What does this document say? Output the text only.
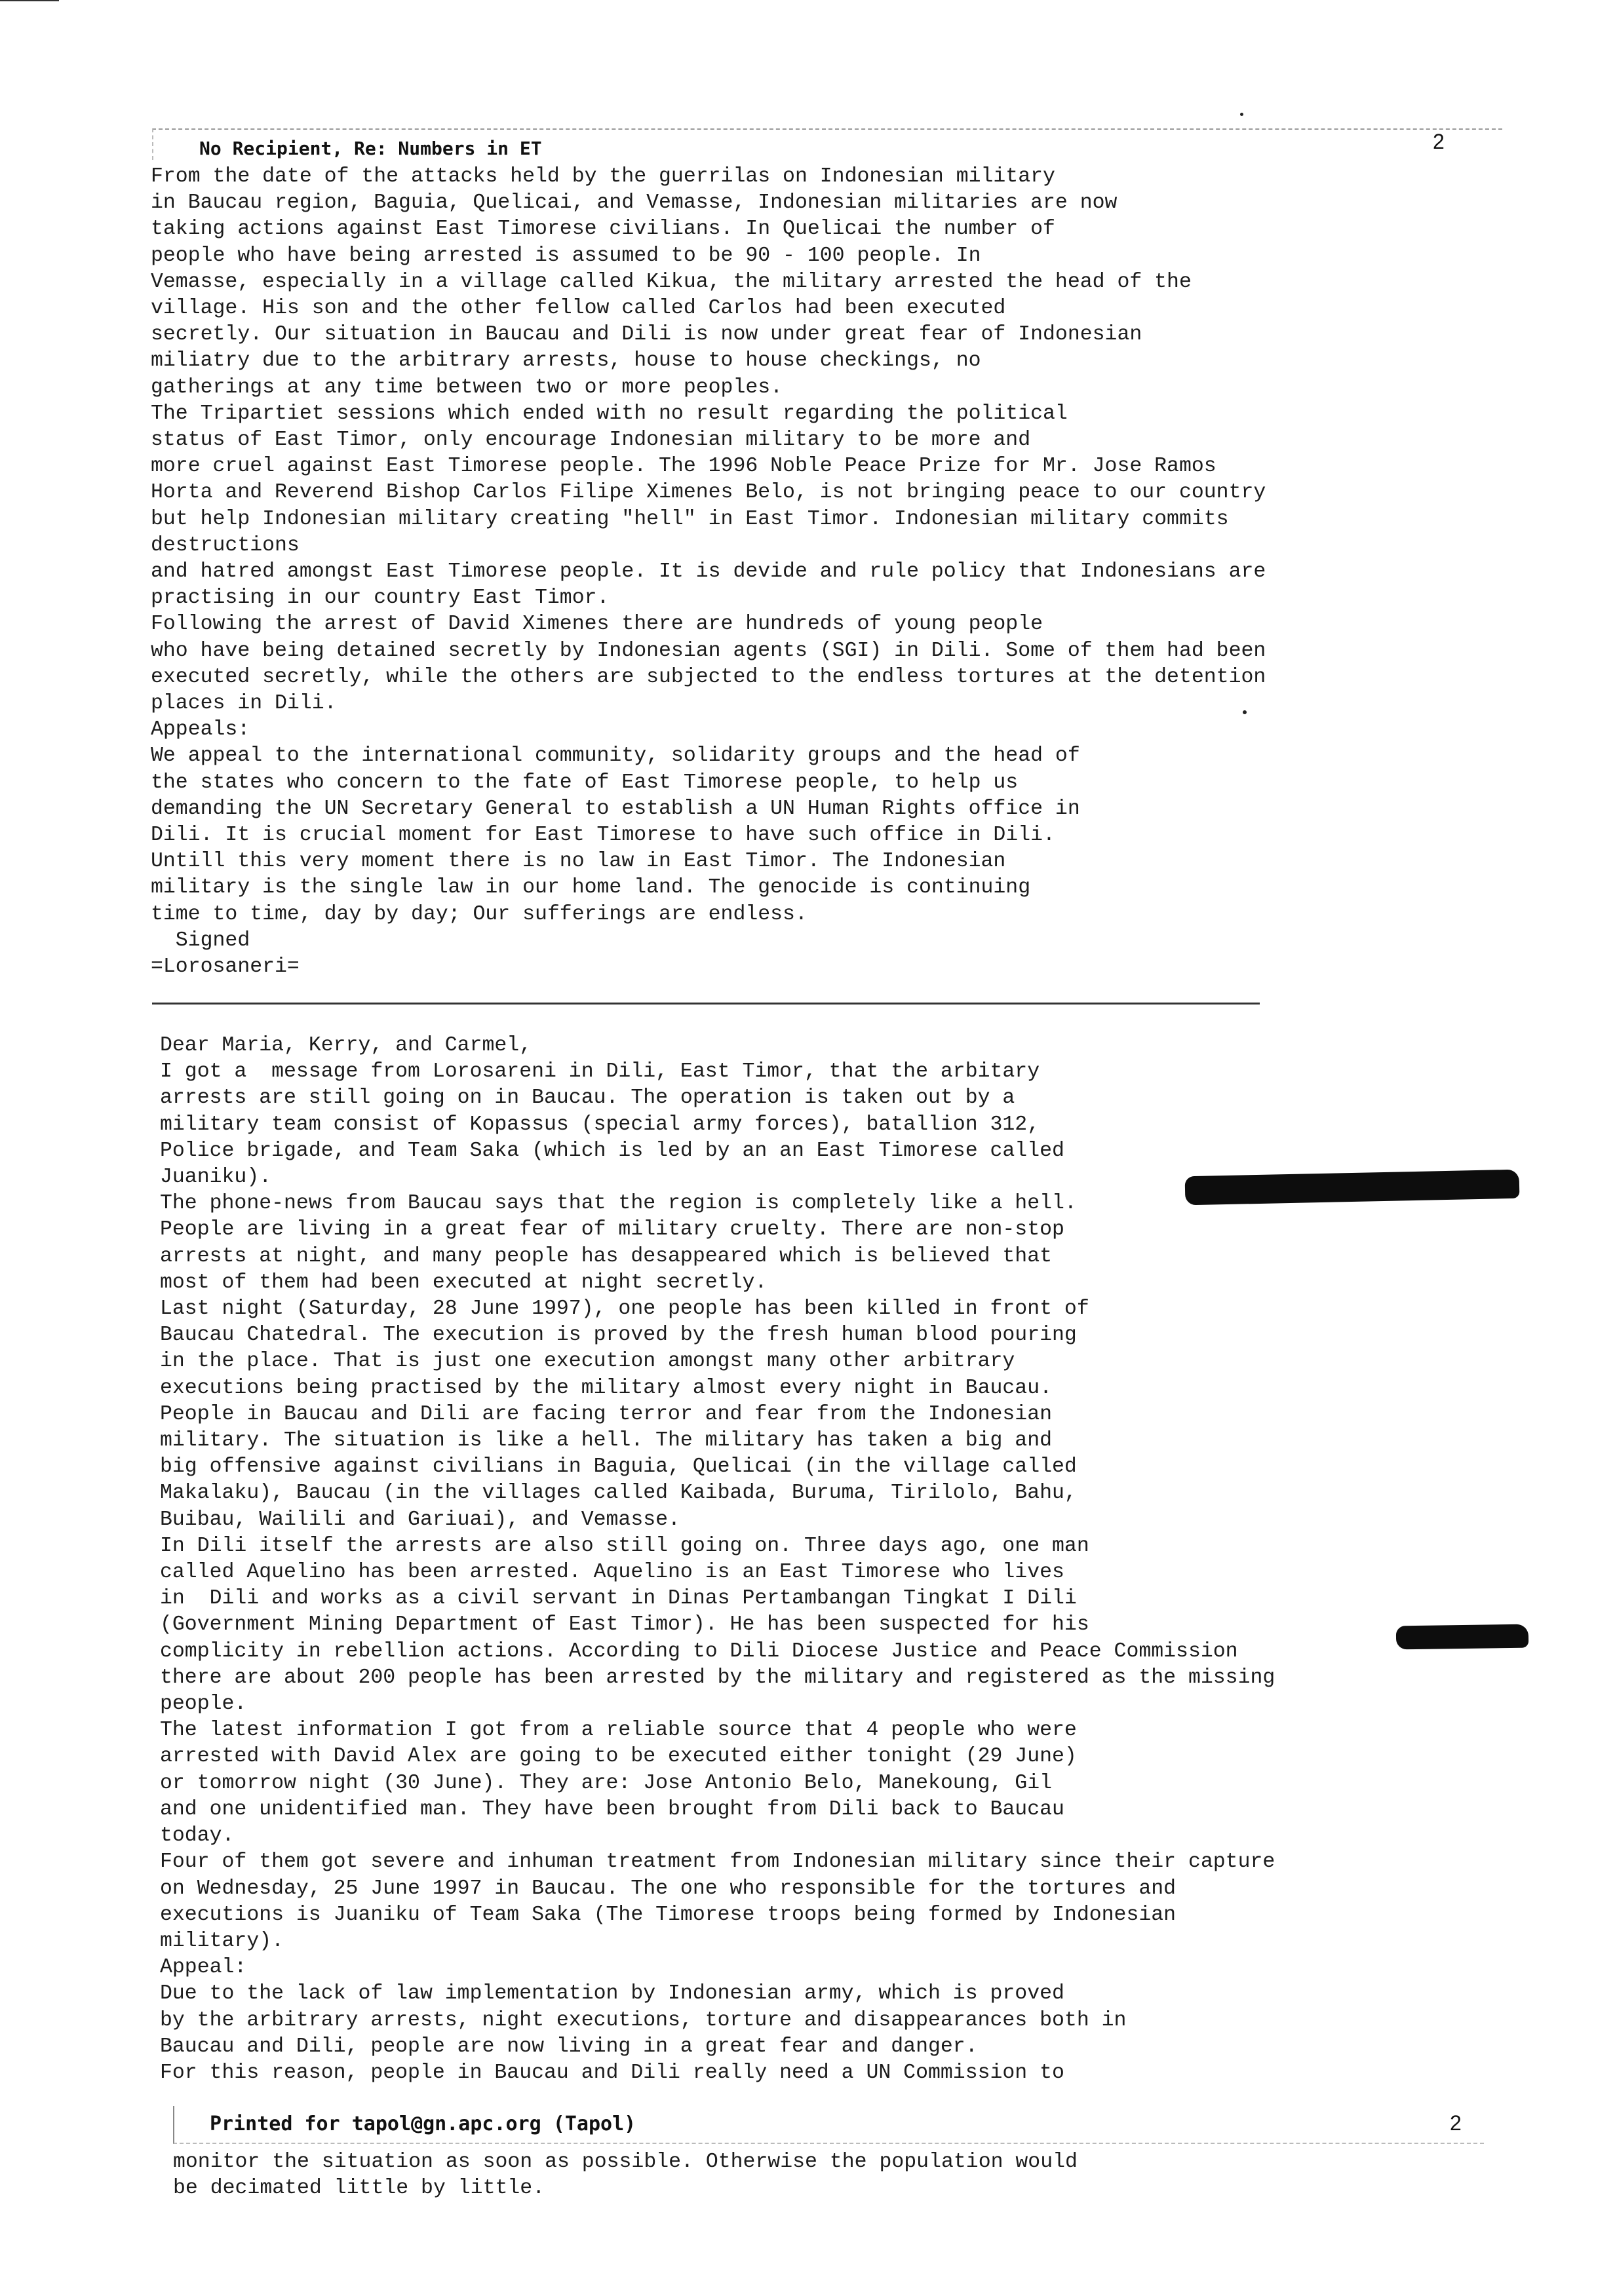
No Recipient, Re: Numbers in ET	2
From the date of the attacks held by the guerrilas on Indonesian military
in Baucau region, Baguia, Quelicai, and Vemasse, Indonesian militaries are now
taking actions against East Timorese civilians. In Quelicai the number of
people who have being arrested is assumed to be 90 - 100 people. In
Vemasse, especially in a village called Kikua, the military arrested the head of the
village. His son and the other fellow called Carlos had been executed
secretly. Our situation in Baucau and Dili is now under great fear of Indonesian
miliatry due to the arbitrary arrests, house to house checkings, no
gatherings at any time between two or more peoples.
The Tripartiet sessions which ended with no result regarding the political
status of East Timor, only encourage Indonesian military to be more and
more cruel against East Timorese people. The 1996 Noble Peace Prize for Mr. Jose Ramos
Horta and Reverend Bishop Carlos Filipe Ximenes Belo, is not bringing peace to our country
but help Indonesian military creating "hell" in East Timor. Indonesian military commits
destructions
and hatred amongst East Timorese people. It is devide and rule policy that Indonesians are
practising in our country East Timor.
Following the arrest of David Ximenes there are hundreds of young people
who have being detained secretly by Indonesian agents (SGI) in Dili. Some of them had been
executed secretly, while the others are subjected to the endless tortures at the detention
places in Dili.
Appeals:
We appeal to the international community, solidarity groups and the head of
the states who concern to the fate of East Timorese people, to help us
demanding the UN Secretary General to establish a UN Human Rights office in
Dili. It is crucial moment for East Timorese to have such office in Dili.
Untill this very moment there is no law in East Timor. The Indonesian
military is the single law in our home land. The genocide is continuing
time to time, day by day; Our sufferings are endless.
Signed
=Lorosaneri=
Dear Maria, Kerry, and Carmel,
I got a  message from Lorosareni in Dili, East Timor, that the arbitary
arrests are still going on in Baucau. The operation is taken out by a
military team consist of Kopassus (special army forces), batallion 312,
Police brigade, and Team Saka (which is led by an an East Timorese called
Juaniku).
The phone-news from Baucau says that the region is completely like a hell.
People are living in a great fear of military cruelty. There are non-stop
arrests at night, and many people has desappeared which is believed that
most of them had been executed at night secretly.
Last night (Saturday, 28 June 1997), one people has been killed in front of
Baucau Chatedral. The execution is proved by the fresh human blood pouring
in the place. That is just one execution amongst many other arbitrary
executions being practised by the military almost every night in Baucau.
People in Baucau and Dili are facing terror and fear from the Indonesian
military. The situation is like a hell. The military has taken a big and
big offensive against civilians in Baguia, Quelicai (in the village called
Makalaku), Baucau (in the villages called Kaibada, Buruma, Tirilolo, Bahu,
Buibau, Wailili and Gariuai), and Vemasse.
In Dili itself the arrests are also still going on. Three days ago, one man
called Aquelino has been arrested. Aquelino is an East Timorese who lives
in  Dili and works as a civil servant in Dinas Pertambangan Tingkat I Dili
(Government Mining Department of East Timor). He has been suspected for his
complicity in rebellion actions. According to Dili Diocese Justice and Peace Commission
there are about 200 people has been arrested by the military and registered as the missing
people.
The latest information I got from a reliable source that 4 people who were
arrested with David Alex are going to be executed either tonight (29 June)
or tomorrow night (30 June). They are: Jose Antonio Belo, Manekoung, Gil
and one unidentified man. They have been brought from Dili back to Baucau
today.
Four of them got severe and inhuman treatment from Indonesian military since their capture
on Wednesday, 25 June 1997 in Baucau. The one who responsible for the tortures and
executions is Juaniku of Team Saka (The Timorese troops being formed by Indonesian
military).
Appeal:
Due to the lack of law implementation by Indonesian army, which is proved
by the arbitrary arrests, night executions, torture and disappearances both in
Baucau and Dili, people are now living in a great fear and danger.
For this reason, people in Baucau and Dili really need a UN Commission to
Printed for tapol@gn.apc.org (Tapol)	2
monitor the situation as soon as possible. Otherwise the population would
be decimated little by little.
